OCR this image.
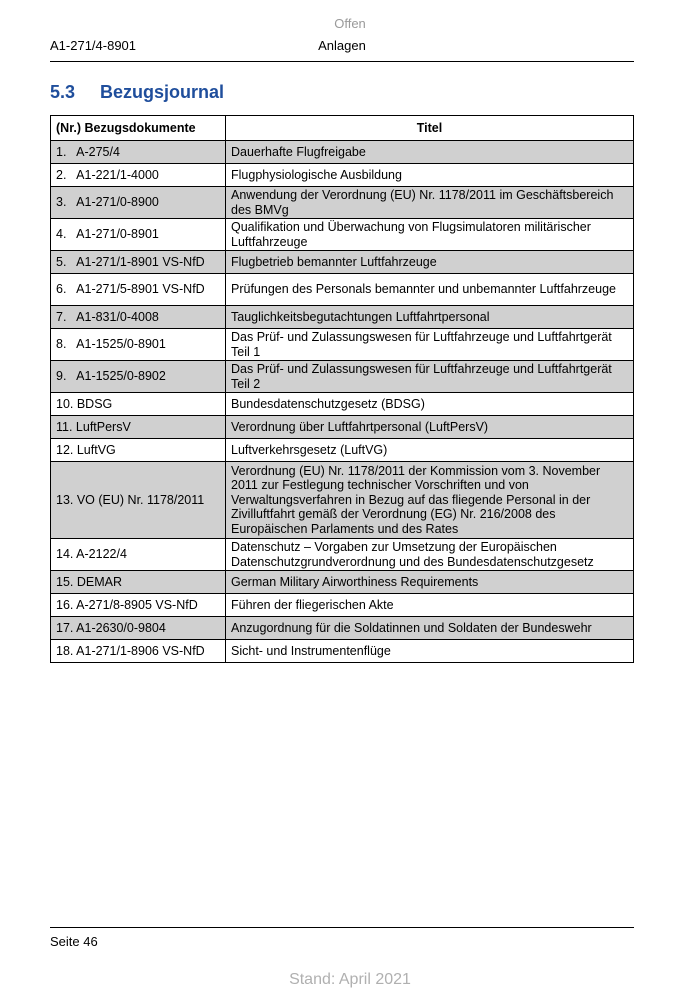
Offen
A1-271/4-8901	Anlagen
5.3 Bezugsjournal
(Nr.) Bezugsdokumente	Titel
1.   A-275/4	Dauerhafte Flugfreigabe
2.   A1-221/1-4000	Flugphysiologische Ausbildung
3.   A1-271/0-8900	Anwendung der Verordnung (EU) Nr. 1178/2011 im Geschäftsbereich des BMVg
4.   A1-271/0-8901	Qualifikation und Überwachung von Flugsimulatoren militärischer Luftfahrzeuge
5.   A1-271/1-8901 VS-NfD	Flugbetrieb bemannter Luftfahrzeuge
6.   A1-271/5-8901 VS-NfD	Prüfungen des Personals bemannter und unbemannter Luftfahrzeuge
7.   A1-831/0-4008	Tauglichkeitsbegutachtungen Luftfahrtpersonal
8.   A1-1525/0-8901	Das Prüf- und Zulassungswesen für Luftfahrzeuge und Luftfahrtgerät Teil 1
9.   A1-1525/0-8902	Das Prüf- und Zulassungswesen für Luftfahrzeuge und Luftfahrtgerät Teil 2
10. BDSG	Bundesdatenschutzgesetz (BDSG)
11. LuftPersV	Verordnung über Luftfahrtpersonal (LuftPersV)
12. LuftVG	Luftverkehrsgesetz (LuftVG)
13. VO (EU) Nr. 1178/2011	Verordnung (EU) Nr. 1178/2011 der Kommission vom 3. November 2011 zur Festlegung technischer Vorschriften und von Verwaltungsverfahren in Bezug auf das fliegende Personal in der Zivilluftfahrt gemäß der Verordnung (EG) Nr. 216/2008 des Europäischen Parlaments und des Rates
14. A-2122/4	Datenschutz – Vorgaben zur Umsetzung der Europäischen Datenschutzgrundverordnung und des Bundesdatenschutzgesetz
15. DEMAR	German Military Airworthiness Requirements
16. A-271/8-8905 VS-NfD	Führen der fliegerischen Akte
17. A1-2630/0-9804	Anzugordnung für die Soldatinnen und Soldaten der Bundeswehr
18. A1-271/1-8906 VS-NfD	Sicht- und Instrumentenflüge
Seite 46
Stand: April 2021
